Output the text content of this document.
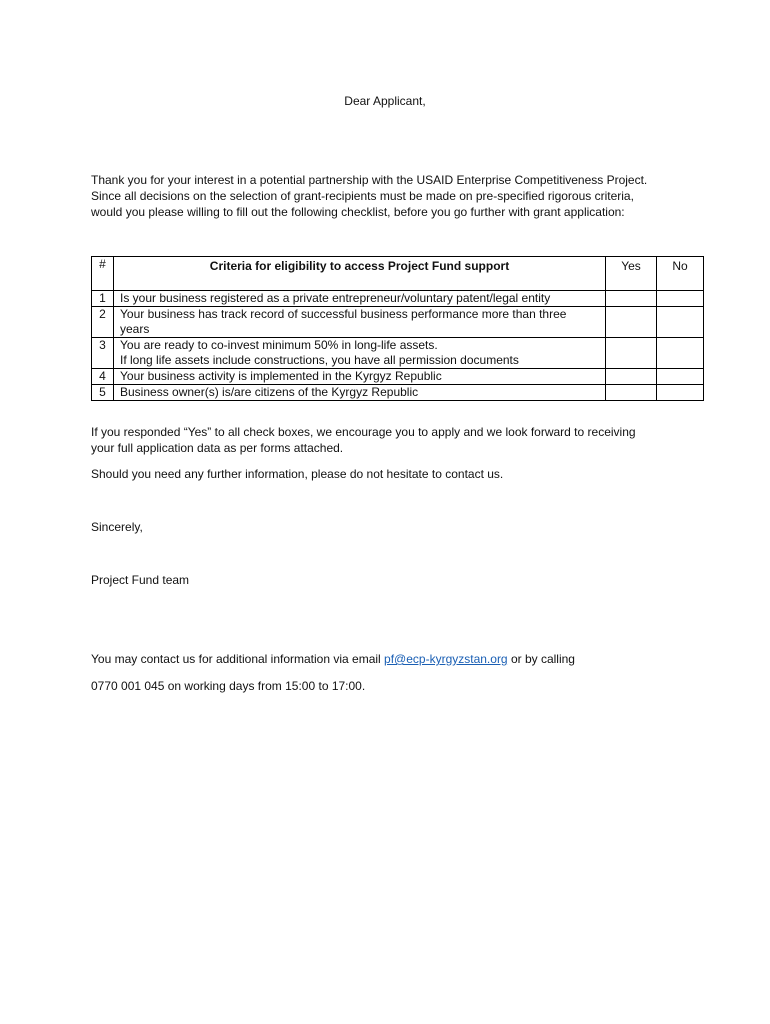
Dear Applicant,
Thank you for your interest in a potential partnership with the USAID Enterprise Competitiveness Project.
Since all decisions on the selection of grant-recipients must be made on pre-specified rigorous criteria,
would you please willing to fill out the following checklist, before you go further with grant application:
#	Criteria for eligibility to access Project Fund support	Yes	No
1	Is your business registered as a private entrepreneur/voluntary patent/legal entity		

2	Your business has track record of successful business performance more than three years		

3	You are ready to co-invest minimum 50% in long-life assets.
If long life assets include constructions, you have all permission documents		

4	Your business activity is implemented in the Kyrgyz Republic		

5	Business owner(s) is/are citizens of the Kyrgyz Republic		

If you responded “Yes” to all check boxes, we encourage you to apply and we look forward to receiving
your full application data as per forms attached.
Should you need any further information, please do not hesitate to contact us.
Sincerely,
Project Fund team
You may contact us for additional information via email pf@ecp-kyrgyzstan.org or by calling
0770 001 045 on working days from 15:00 to 17:00.
